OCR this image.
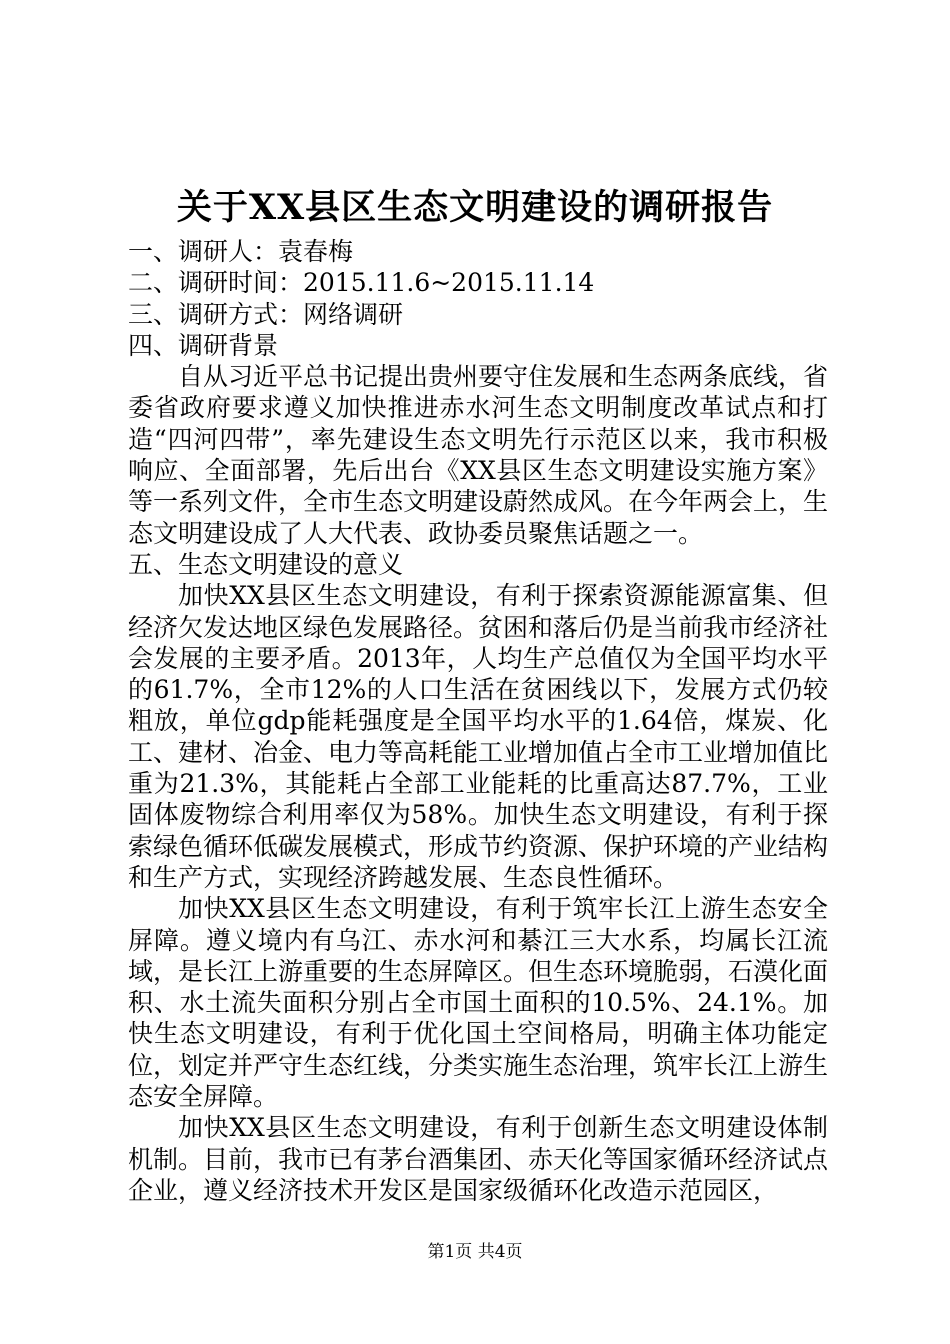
关于XX县区生态文明建设的调研报告

一、调研人：袁春梅

二、调研时间：2015.11.6~2015.11.14

三、调研方式：网络调研

四、调研背景

自从习近平总书记提出贵州要守住发展和生态两条底线，省委省政府要求遵义加快推进赤水河生态文明制度改革试点和打造“四河四带”，率先建设生态文明先行示范区以来，我市积极响应、全面部署，先后出台《XX县区生态文明建设实施方案》等一系列文件，全市生态文明建设蔚然成风。在今年两会上，生态文明建设成了人大代表、政协委员聚焦话题之一。

五、生态文明建设的意义

加快XX县区生态文明建设，有利于探索资源能源富集、但经济欠发达地区绿色发展路径。贫困和落后仍是当前我市经济社会发展的主要矛盾。2013年，人均生产总值仅为全国平均水平的61.7%，全市12%的人口生活在贫困线以下，发展方式仍较粗放，单位gdp能耗强度是全国平均水平的1.64倍，煤炭、化工、建材、冶金、电力等高耗能工业增加值占全市工业增加值比重为21.3%，其能耗占全部工业能耗的比重高达87.7%，工业固体废物综合利用率仅为58%。加快生态文明建设，有利于探索绿色循环低碳发展模式，形成节约资源、保护环境的产业结构和生产方式，实现经济跨越发展、生态良性循环。

加快XX县区生态文明建设，有利于筑牢长江上游生态安全屏障。遵义境内有乌江、赤水河和綦江三大水系，均属长江流域，是长江上游重要的生态屏障区。但生态环境脆弱，石漠化面积、水土流失面积分别占全市国土面积的10.5%、24.1%。加快生态文明建设，有利于优化国土空间格局，明确主体功能定位，划定并严守生态红线，分类实施生态治理，筑牢长江上游生态安全屏障。

加快XX县区生态文明建设，有利于创新生态文明建设体制机制。目前，我市已有茅台酒集团、赤天化等国家循环经济试点企业，遵义经济技术开发区是国家级循环化改造示范园区，

第1页 共4页
